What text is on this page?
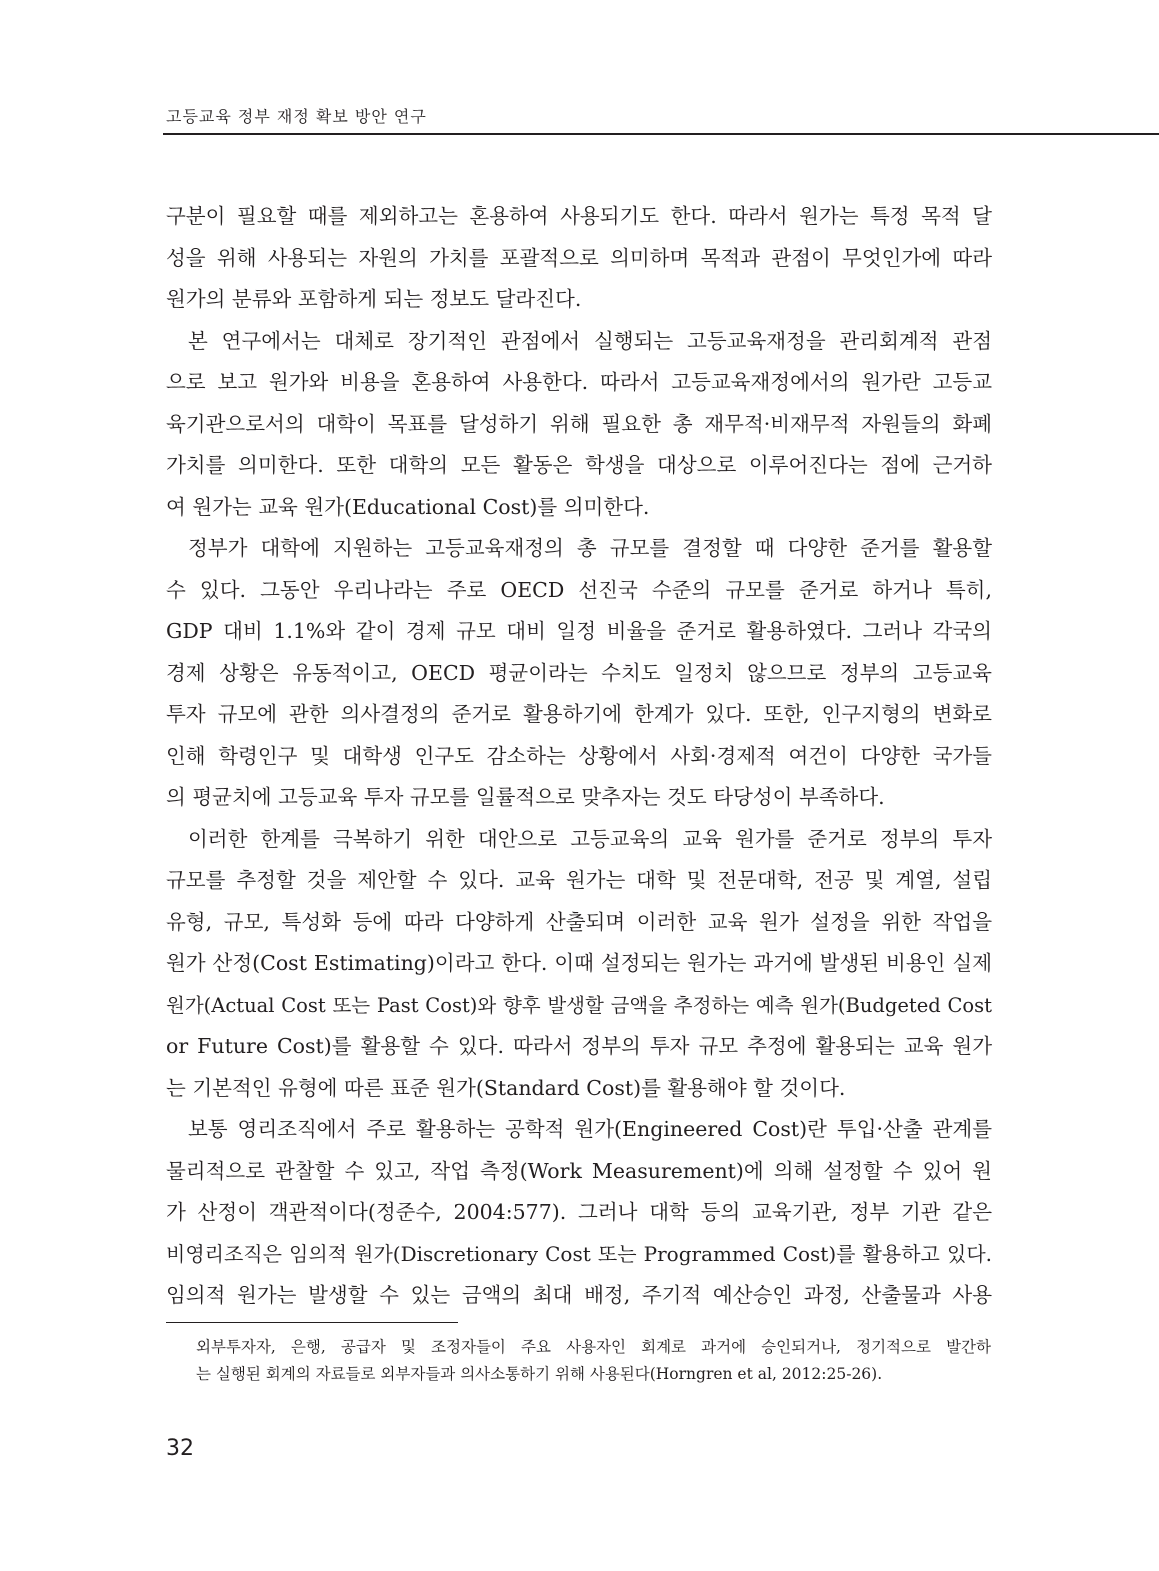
고등교육 정부 재정 확보 방안 연구
구분이 필요할 때를 제외하고는 혼용하여 사용되기도 한다. 따라서 원가는 특정 목적 달
성을 위해 사용되는 자원의 가치를 포괄적으로 의미하며 목적과 관점이 무엇인가에 따라
원가의 분류와 포함하게 되는 정보도 달라진다.
본 연구에서는 대체로 장기적인 관점에서 실행되는 고등교육재정을 관리회계적 관점
으로 보고 원가와 비용을 혼용하여 사용한다. 따라서 고등교육재정에서의 원가란 고등교
육기관으로서의 대학이 목표를 달성하기 위해 필요한 총 재무적·비재무적 자원들의 화폐
가치를 의미한다. 또한 대학의 모든 활동은 학생을 대상으로 이루어진다는 점에 근거하
여 원가는 교육 원가(Educational Cost)를 의미한다.
정부가 대학에 지원하는 고등교육재정의 총 규모를 결정할 때 다양한 준거를 활용할
수 있다. 그동안 우리나라는 주로 OECD 선진국 수준의 규모를 준거로 하거나 특히,
GDP 대비 1.1%와 같이 경제 규모 대비 일정 비율을 준거로 활용하였다. 그러나 각국의
경제 상황은 유동적이고, OECD 평균이라는 수치도 일정치 않으므로 정부의 고등교육
투자 규모에 관한 의사결정의 준거로 활용하기에 한계가 있다. 또한, 인구지형의 변화로
인해 학령인구 및 대학생 인구도 감소하는 상황에서 사회·경제적 여건이 다양한 국가들
의 평균치에 고등교육 투자 규모를 일률적으로 맞추자는 것도 타당성이 부족하다.
이러한 한계를 극복하기 위한 대안으로 고등교육의 교육 원가를 준거로 정부의 투자
규모를 추정할 것을 제안할 수 있다. 교육 원가는 대학 및 전문대학, 전공 및 계열, 설립
유형, 규모, 특성화 등에 따라 다양하게 산출되며 이러한 교육 원가 설정을 위한 작업을
원가 산정(Cost Estimating)이라고 한다. 이때 설정되는 원가는 과거에 발생된 비용인 실제
원가(Actual Cost 또는 Past Cost)와 향후 발생할 금액을 추정하는 예측 원가(Budgeted Cost
or Future Cost)를 활용할 수 있다. 따라서 정부의 투자 규모 추정에 활용되는 교육 원가
는 기본적인 유형에 따른 표준 원가(Standard Cost)를 활용해야 할 것이다.
보통 영리조직에서 주로 활용하는 공학적 원가(Engineered Cost)란 투입·산출 관계를
물리적으로 관찰할 수 있고, 작업 측정(Work Measurement)에 의해 설정할 수 있어 원
가 산정이 객관적이다(정준수, 2004:577). 그러나 대학 등의 교육기관, 정부 기관 같은
비영리조직은 임의적 원가(Discretionary Cost 또는 Programmed Cost)를 활용하고 있다.
임의적 원가는 발생할 수 있는 금액의 최대 배정, 주기적 예산승인 과정, 산출물과 사용
외부투자자, 은행, 공급자 및 조정자들이 주요 사용자인 회계로 과거에 승인되거나, 정기적으로 발간하
는 실행된 회계의 자료들로 외부자들과 의사소통하기 위해 사용된다(Horngren et al, 2012:25-26).
32
